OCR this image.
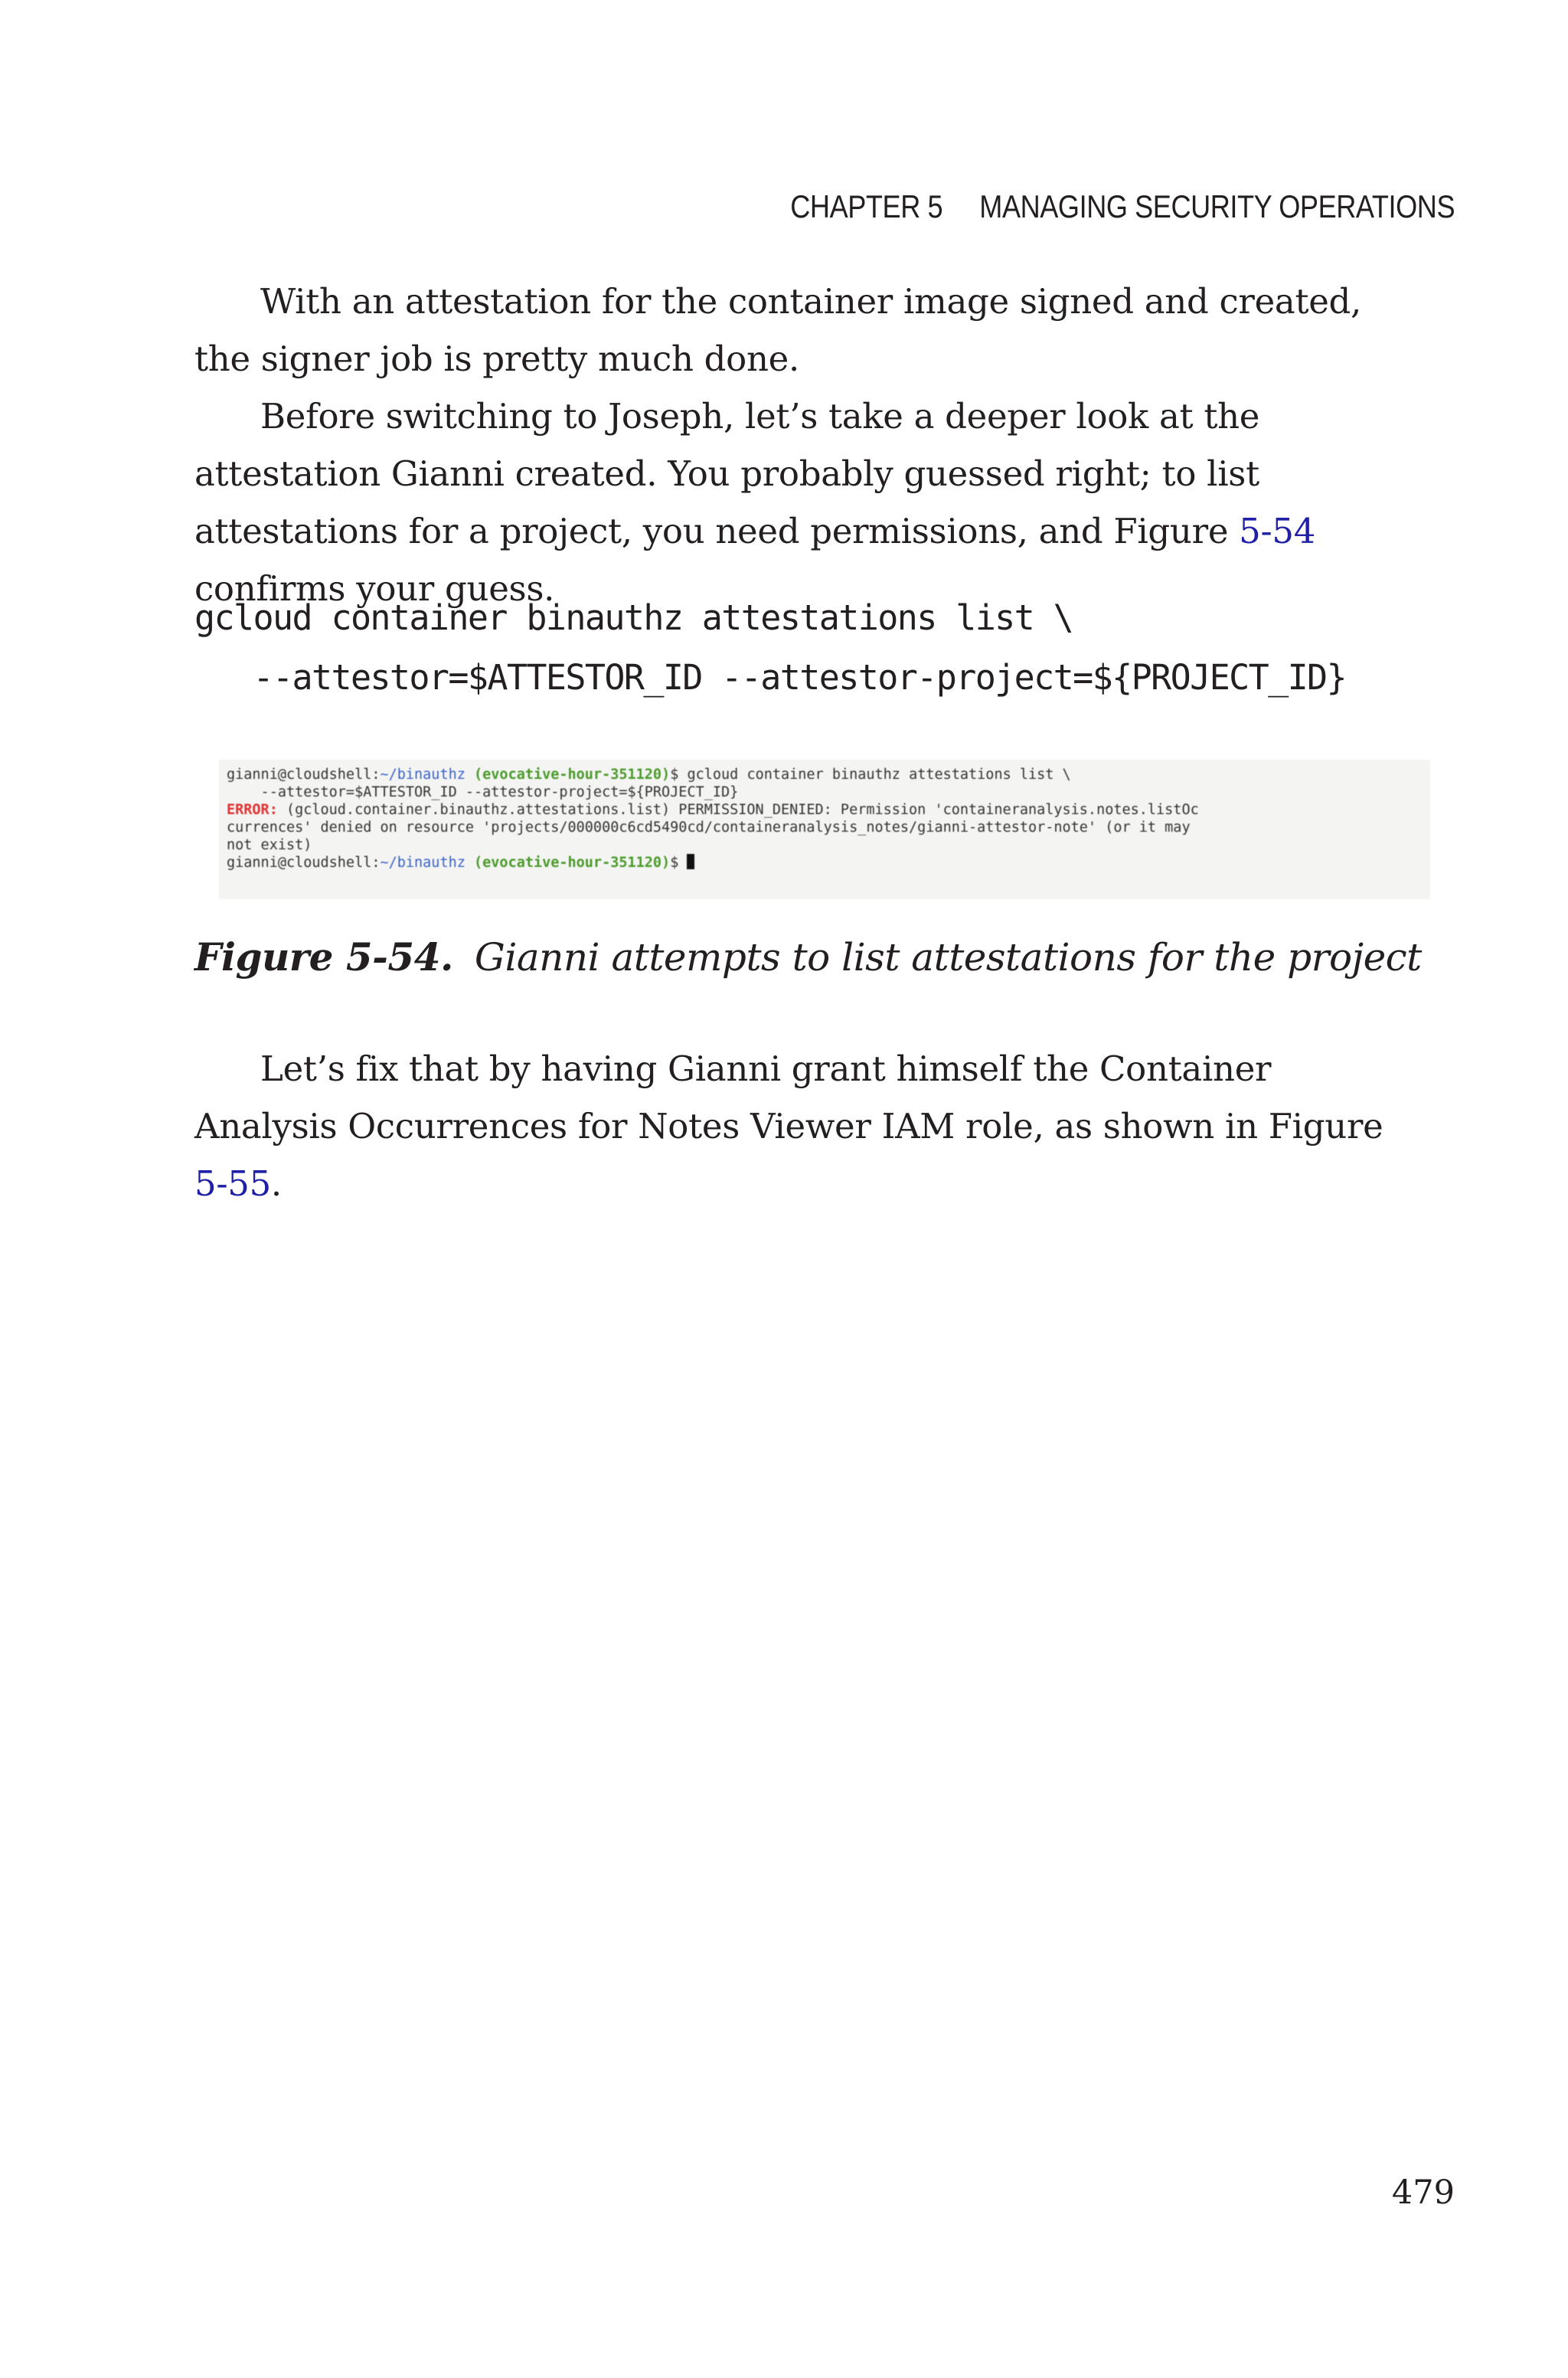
CHAPTER 5 MANAGING SECURITY OPERATIONS

With an attestation for the container image signed and created, the signer job is pretty much done.

Before switching to Joseph, let’s take a deeper look at the attestation Gianni created. You probably guessed right; to list attestations for a project, you need permissions, and Figure 5-54 confirms your guess.

gcloud container binauthz attestations list \
--attestor=$ATTESTOR_ID --attestor-project=${PROJECT_ID}
gianni@cloudshell:~/binauthz (evocative-hour-351120)$ gcloud container binauthz attestations list \
--attestor=$ATTESTOR_ID --attestor-project=${PROJECT_ID}
ERROR: (gcloud.container.binauthz.attestations.list) PERMISSION_DENIED: Permission 'containeranalysis.notes.listOc
currences' denied on resource 'projects/000000c6cd5490cd/containeranalysis_notes/gianni-attestor-note' (or it may
not exist)
gianni@cloudshell:~/binauthz (evocative-hour-351120)$
Figure 5-54. Gianni attempts to list attestations for the project

Let’s fix that by having Gianni grant himself the Container Analysis Occurrences for Notes Viewer IAM role, as shown in Figure 5-55.

479
